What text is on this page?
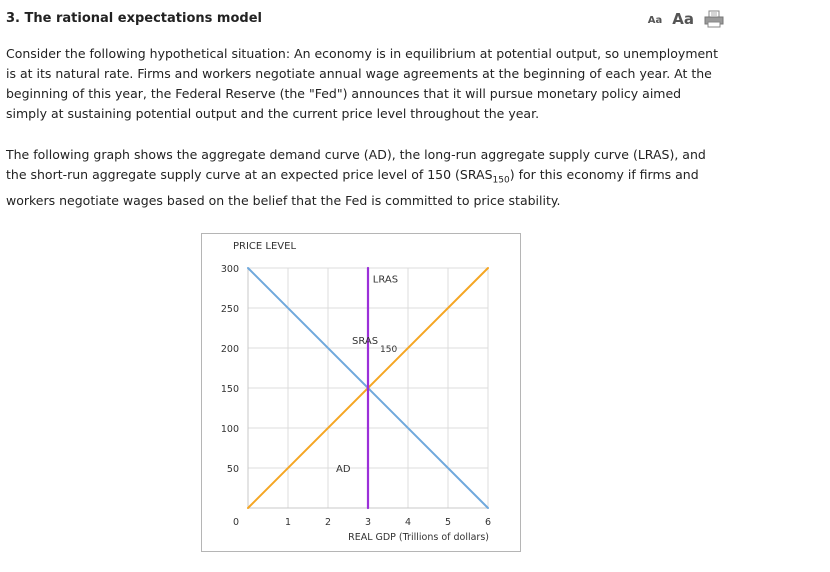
3. The rational expectations model	Aa Aa

Consider the following hypothetical situation: An economy is in equilibrium at potential output, so unemployment is at its natural rate. Firms and workers negotiate annual wage agreements at the beginning of each year. At the beginning of this year, the Federal Reserve (the "Fed") announces that it will pursue monetary policy aimed simply at sustaining potential output and the current price level throughout the year.

The following graph shows the aggregate demand curve (AD), the long-run aggregate supply curve (LRAS), and the short-run aggregate supply curve at an expected price level of 150 $(SRAS_{150})$ for this economy if firms and workers negotiate wages based on the belief that the Fed is committed to price stability.

0
50
100
150
200
250
300
1	2	3	4	5	6
PRICE LEVEL
REAL GDP (Trillions of dollars)
AD
SRAS
150
LRAS
